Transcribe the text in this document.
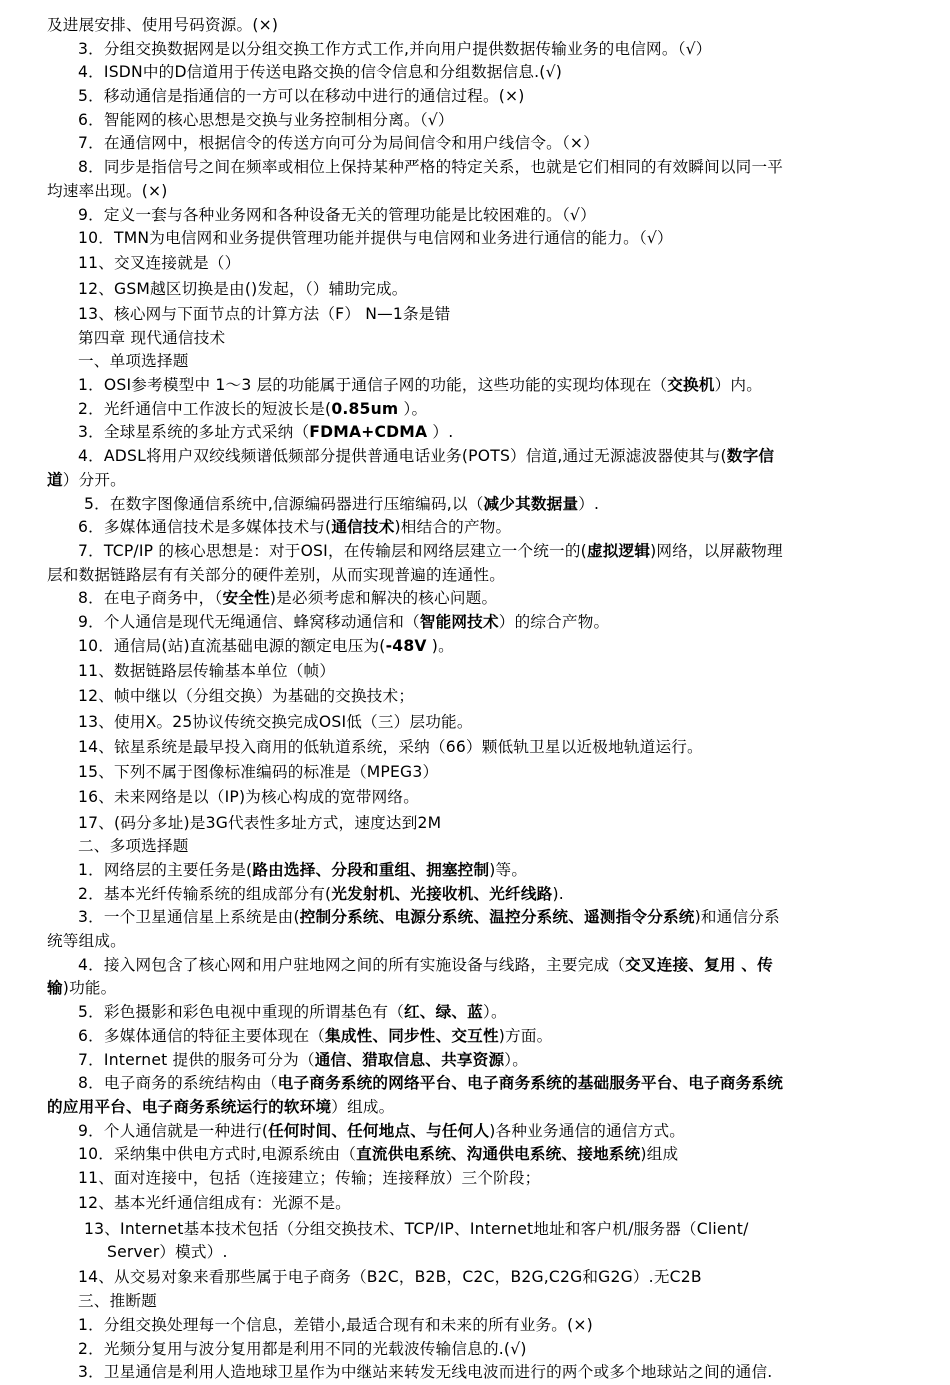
及进展安排、使用号码资源。(×)
3．分组交换数据网是以分组交换工作方式工作,并向用户提供数据传输业务的电信网。（√）
4．ISDN中的D信道用于传送电路交换的信令信息和分组数据信息.(√)
5．移动通信是指通信的一方可以在移动中进行的通信过程。(×)
6．智能网的核心思想是交换与业务控制相分离。（√）
7．在通信网中，根据信令的传送方向可分为局间信令和用户线信令。（×）
8．同步是指信号之间在频率或相位上保持某种严格的特定关系，也就是它们相同的有效瞬间以同一平
均速率出现。(×)
9．定义一套与各种业务网和各种设备无关的管理功能是比较困难的。（√）
10．TMN为电信网和业务提供管理功能并提供与电信网和业务进行通信的能力。（√）
11、交叉连接就是（）
12、GSM越区切换是由()发起，（）辅助完成。
13、核心网与下面节点的计算方法（F） N—1条是错
第四章 现代通信技术
一、单项选择题
1．OSI参考模型中 1～3 层的功能属于通信子网的功能，这些功能的实现均体现在（交换机）内。
2．光纤通信中工作波长的短波长是(0.85um ）。
3．全球星系统的多址方式采纳（FDMA+CDMA ）.
4．ADSL将用户双绞线频谱低频部分提供普通电话业务(POTS）信道,通过无源滤波器使其与(数字信
道）分开。
5．在数字图像通信系统中,信源编码器进行压缩编码,以（减少其数据量）.
6．多媒体通信技术是多媒体技术与(通信技术)相结合的产物。
7．TCP/IP 的核心思想是：对于OSI，在传输层和网络层建立一个统一的(虚拟逻辑)网络，以屏蔽物理
层和数据链路层有有关部分的硬件差别，从而实现普遍的连通性。
8．在电子商务中，（安全性)是必须考虑和解决的核心问题。
9．个人通信是现代无绳通信、蜂窝移动通信和（智能网技术）的综合产物。
10．通信局(站)直流基础电源的额定电压为(-48V )。
11、数据链路层传输基本单位（帧）
12、帧中继以（分组交换）为基础的交换技术；
13、使用X。25协议传统交换完成OSI低（三）层功能。
14、铱星系统是最早投入商用的低轨道系统，采纳（66）颗低轨卫星以近极地轨道运行。
15、下列不属于图像标准编码的标准是（MPEG3）
16、未来网络是以（IP)为核心构成的宽带网络。
17、(码分多址)是3G代表性多址方式，速度达到2M
二、多项选择题
1．网络层的主要任务是(路由选择、分段和重组、拥塞控制)等。
2．基本光纤传输系统的组成部分有(光发射机、光接收机、光纤线路).
3．一个卫星通信星上系统是由(控制分系统、电源分系统、温控分系统、遥测指令分系统)和通信分系
统等组成。
4．接入网包含了核心网和用户驻地网之间的所有实施设备与线路，主要完成（交叉连接、复用 、传
输)功能。
5．彩色摄影和彩色电视中重现的所谓基色有（红、绿、蓝）。
6．多媒体通信的特征主要体现在（集成性、同步性、交互性)方面。
7．Internet 提供的服务可分为（通信、猎取信息、共享资源）。
8．电子商务的系统结构由（电子商务系统的网络平台、电子商务系统的基础服务平台、电子商务系统
的应用平台、电子商务系统运行的软环境）组成。
9．个人通信就是一种进行(任何时间、任何地点、与任何人)各种业务通信的通信方式。
10．采纳集中供电方式时,电源系统由（直流供电系统、沟通供电系统、接地系统)组成
11、面对连接中，包括（连接建立；传输；连接释放）三个阶段；
12、基本光纤通信组成有：光源不是。
13、Internet基本技术包括（分组交换技术、TCP/IP、Internet地址和客户机/服务器（Client/
Server）模式）.
14、从交易对象来看那些属于电子商务（B2C，B2B，C2C，B2G,C2G和G2G）.无C2B
三、推断题
1．分组交换处理每一个信息，差错小,最适合现有和未来的所有业务。(×)
2．光频分复用与波分复用都是利用不同的光载波传输信息的.(√)
3．卫星通信是利用人造地球卫星作为中继站来转发无线电波而进行的两个或多个地球站之间的通信.
